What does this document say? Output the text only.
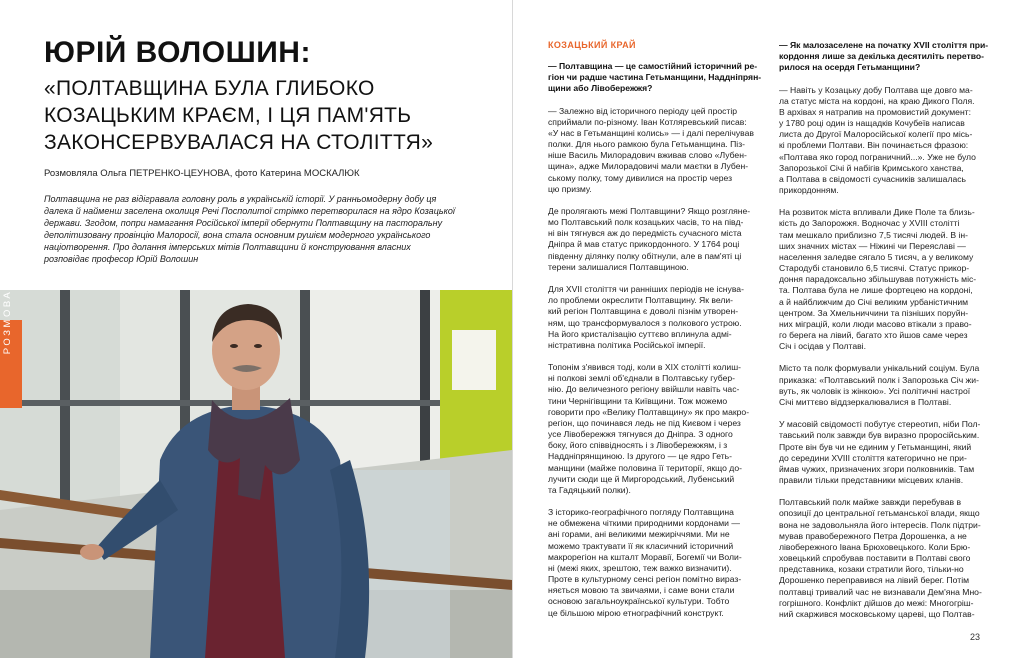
ЮРІЙ ВОЛОШИН:
«ПОЛТАВЩИНА БУЛА ГЛИБОКО
КОЗАЦЬКИМ КРАЄМ, І ЦЯ ПАМ'ЯТЬ
ЗАКОНСЕРВУВАЛАСЯ НА СТОЛІТТЯ»
Розмовляла Ольга ПЕТРЕНКО-ЦЕУНОВА, фото Катерина МОСКАЛЮК
Полтавщина не раз відігравала головну роль в українській історії. У ранньомодерну добу ця
далека й найменш заселена околиця Речі Посполитої стрімко перетворилася на ядро Козацької
держави. Згодом, попри намагання Російської імперії обернути Полтавщину на пасторальну
деполітизовану провінцію Малоросії, вона стала основним рушієм модерного українського
націотворення. Про долання імперських мітів Полтавщини й конструювання власних
розповідає професор Юрій Волошин
РОЗМОВА
КОЗАЦЬКИЙ КРАЙ

— Полтавщина — це самостійний історичний ре-
гіон чи радше частина Гетьманщини, Наддніпрян-
щини або Лівобережжя?

— Залежно від історичного періоду цей простір
сприймали по-різному. Іван Котляревський писав:
«У нас в Гетьманщині колись» — і далі перелічував
полки. Для нього рамкою була Гетьманщина. Піз-
ніше Василь Милорадович вживав слово «Лубен-
щина», адже Милорадовичі мали маєтки в Лубен-
ському полку, тому дивилися на простір через
цю призму.

Де пролягають межі Полтавщини? Якщо розгляне-
мо Полтавський полк козацьких часів, то на півд-
ні він тягнувся аж до передмість сучасного міста
Дніпра й мав статус прикордонного. У 1764 році
південну ділянку полку обітнули, але в пам'яті ці
терени залишалися Полтавщиною.

Для XVII століття чи ранніших періодів не існува-
ло проблеми окреслити Полтавщину. Як вели-
кий регіон Полтавщина є доволі пізнім утворен-
ням, що трансформувалося з полкового устрою.
На його кристалізацію суттєво вплинула адмі-
ністративна політика Російської імперії.

Топонім з'явився тоді, коли в XIX столітті колиш-
ні полкові землі об'єднали в Полтавську губер-
нію. До величезного регіону ввійшли навіть час-
тини Чернігівщини та Київщини. Тож можемо
говорити про «Велику Полтавщину» як про макро-
регіон, що починався ледь не під Києвом і через
усе Лівобережжя тягнувся до Дніпра. З одного
боку, його співвідносять і з Лівобережжям, і з
Наддніпрянщиною. Із другого — це ядро Геть-
манщини (майже половина її території, якщо до-
лучити сюди ще й Миргородський, Лубенський
та Гадяцький полки).

З історико-географічного погляду Полтавщина
не обмежена чіткими природними кордонами —
ані горами, ані великими межиріччями. Ми не
можемо трактувати її як класичний історичний
макрорегіон на кшталт Моравії, Богемії чи Воли-
ні (межі яких, зрештою, теж важко визначити).
Проте в культурному сенсі регіон помітно вираз-
няється мовою та звичаями, і саме вони стали
основою загальноукраїнської культури. Тобто
це більшою мірою етнографічний конструкт.

— Як малозаселене на початку XVII століття при-
кордоння лише за декілька десятиліть перетво-
рилося на осердя Гетьманщини?

— Навіть у Козацьку добу Полтава ще довго ма-
ла статус міста на кордоні, на краю Дикого Поля.
В архівах я натрапив на промовистий документ:
у 1780 році один із нащадків Кочубеїв написав
листа до Другої Малоросійської колегії про місь-
кі проблеми Полтави. Він починається фразою:
«Полтава яко город пограничний...». Уже не було
Запорозької Січі й набігів Кримського ханства,
а Полтава в свідомості сучасників залишалась
прикордонням.

На розвиток міста впливали Дике Поле та близь-
кість до Запорожжя. Водночас у XVIII столітті
там мешкало приблизно 7,5 тисячі людей. В ін-
ших значних містах — Ніжині чи Переяславі —
населення заледве сягало 5 тисяч, а у великому
Стародубі становило 6,5 тисячі. Статус прикор-
доння парадоксально збільшував потужність міс-
та. Полтава була не лише фортецею на кордоні,
а й найближчим до Січі великим урбаністичним
центром. За Хмельниччини та пізніших поруйн-
них міграцій, коли люди масово втікали з право-
го берега на лівий, багато хто йшов саме через
Січ і осідав у Полтаві.

Місто та полк формували унікальний соціум. Була
приказка: «Полтавський полк і Запорозька Січ жи-
вуть, як чоловік із жінкою». Усі політичні настрої
Січі миттєво віддзеркалювалися в Полтаві.

У масовій свідомості побутує стереотип, ніби Пол-
тавський полк завжди був виразно проросійським.
Проте він був чи не єдиним у Гетьманщині, який
до середини XVIII століття категорично не при-
ймав чужих, призначених згори полковників. Там
правили тільки представники місцевих кланів.

Полтавський полк майже завжди перебував в
опозиції до центральної гетьманської влади, якщо
вона не задовольняла його інтересів. Полк підтри-
мував правобережного Петра Дорошенка, а не
лівобережного Івана Брюховецького. Коли Брю-
ховецький спробував поставити в Полтаві свого
представника, козаки стратили його, тільки-но
Дорошенко переправився на лівий берег. Потім
полтавці тривалий час не визнавали Дем'яна Мно-
гогрішного. Конфлікт дійшов до межі: Многогріш-
ний скаржився московському цареві, що Полтав-

23
